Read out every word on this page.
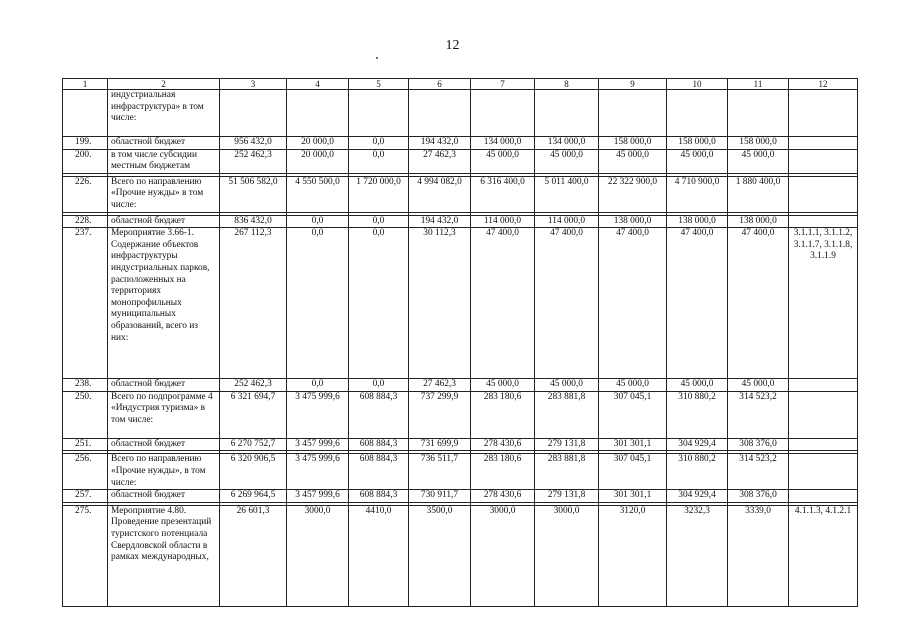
12
1	2	3	4	5	6	7	8	9	10	11	12
	индустриальная инфраструктура» в том числе:										
199.	областной бюджет	956 432,0	20 000,0	0,0	194 432,0	134 000,0	134 000,0	158 000,0	158 000,0	158 000,0	
200.	в том числе субсидии местным бюджетам	252 462,3	20 000,0	0,0	27 462,3	45 000,0	45 000,0	45 000,0	45 000,0	45 000,0	

226.	Всего по направлению «Прочие нужды» в том числе:	51 506 582,0	4 550 500,0	1 720 000,0	4 994 082,0	6 316 400,0	5 011 400,0	22 322 900,0	4 710 900,0	1 880 400,0	

228.	областной бюджет	836 432,0	0,0	0,0	194 432,0	114 000,0	114 000,0	138 000,0	138 000,0	138 000,0	
237.	Мероприятие 3.66-1. Содержание объектов инфраструктуры индустриальных парков, расположенных на территориях монопрофильных муниципальных образований, всего из них:	267 112,3	0,0	0,0	30 112,3	47 400,0	47 400,0	47 400,0	47 400,0	47 400,0	3.1.1.1, 3.1.1.2, 3.1.1.7, 3.1.1.8, 3.1.1.9
238.	областной бюджет	252 462,3	0,0	0,0	27 462,3	45 000,0	45 000,0	45 000,0	45 000,0	45 000,0	
250.	Всего по подпрограмме 4 «Индустрия туризма» в том числе:	6 321 694,7	3 475 999,6	608 884,3	737 299,9	283 180,6	283 881,8	307 045,1	310 880,2	314 523,2	
251.	областной бюджет	6 270 752,7	3 457 999,6	608 884,3	731 699,9	278 430,6	279 131,8	301 301,1	304 929,4	308 376,0	

256.	Всего по направлению «Прочие нужды», в том числе:	6 320 906,5	3 475 999,6	608 884,3	736 511,7	283 180,6	283 881,8	307 045,1	310 880,2	314 523,2	
257.	областной бюджет	6 269 964,5	3 457 999,6	608 884,3	730 911,7	278 430,6	279 131,8	301 301,1	304 929,4	308 376,0	

275.	Мероприятие 4.80. Проведение презентаций туристского потенциала Свердловской области в рамках международных,	26 601,3	3000,0	4410,0	3500,0	3000,0	3000,0	3120,0	3232,3	3339,0	4.1.1.3, 4.1.2.1
